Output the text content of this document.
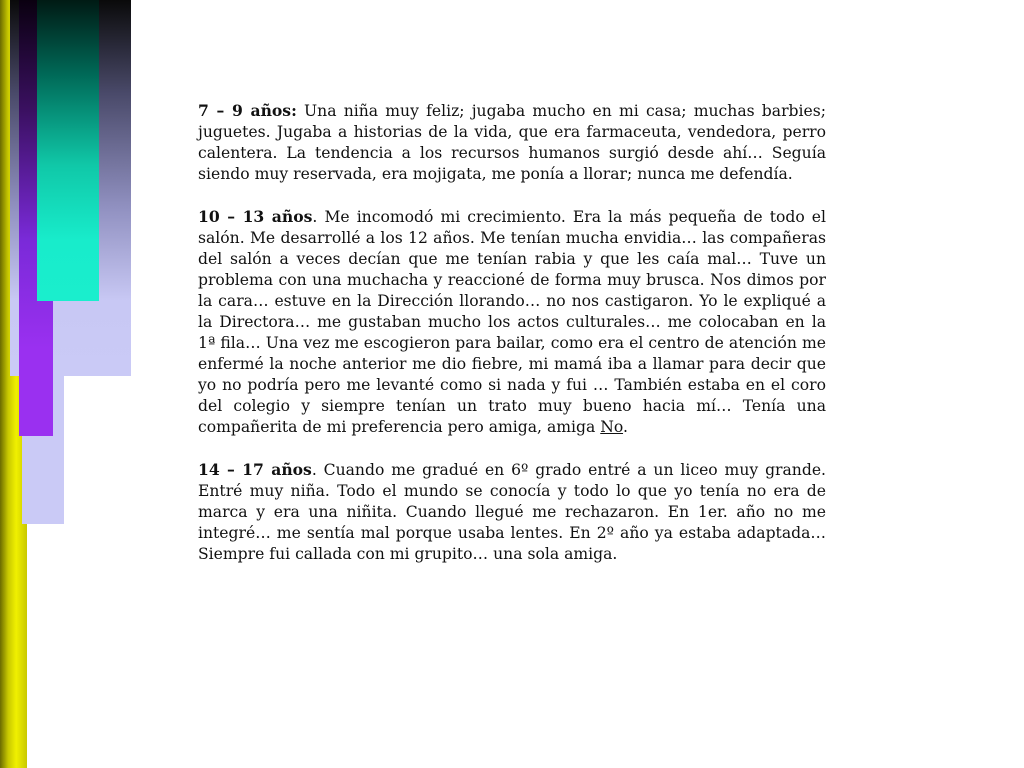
7 – 9 años: Una niña muy feliz; jugaba mucho en mi casa; muchas barbies; juguetes. Jugaba a historias de la vida, que era farmaceuta, vendedora, perro calentera. La tendencia a los recursos humanos surgió desde ahí… Seguía siendo muy reservada, era mojigata, me ponía a llorar; nunca me defendía.

10 – 13 años. Me incomodó mi crecimiento. Era la más pequeña de todo el salón. Me desarrollé a los 12 años. Me tenían mucha envidia… las compañeras del salón a veces decían que me tenían rabia y que les caía mal… Tuve un problema con una muchacha y reaccioné de forma muy brusca. Nos dimos por la cara… estuve en la Dirección llorando… no nos castigaron. Yo le expliqué a la Directora… me gustaban mucho los actos culturales… me colocaban en la 1ª fila… Una vez me escogieron para bailar, como era el centro de atención me enfermé la noche anterior me dio fiebre, mi mamá iba a llamar para decir que yo no podría pero me levanté como si nada y fui … También estaba en el coro del colegio y siempre tenían un trato muy bueno hacia mí… Tenía una compañerita de mi preferencia pero amiga, amiga No.

14 – 17 años. Cuando me gradué en 6º grado entré a un liceo muy grande. Entré muy niña. Todo el mundo se conocía y todo lo que yo tenía no era de marca y era una niñita. Cuando llegué me rechazaron. En 1er. año no me integré… me sentía mal porque usaba lentes. En 2º año ya estaba adaptada… Siempre fui callada con mi grupito… una sola amiga.
